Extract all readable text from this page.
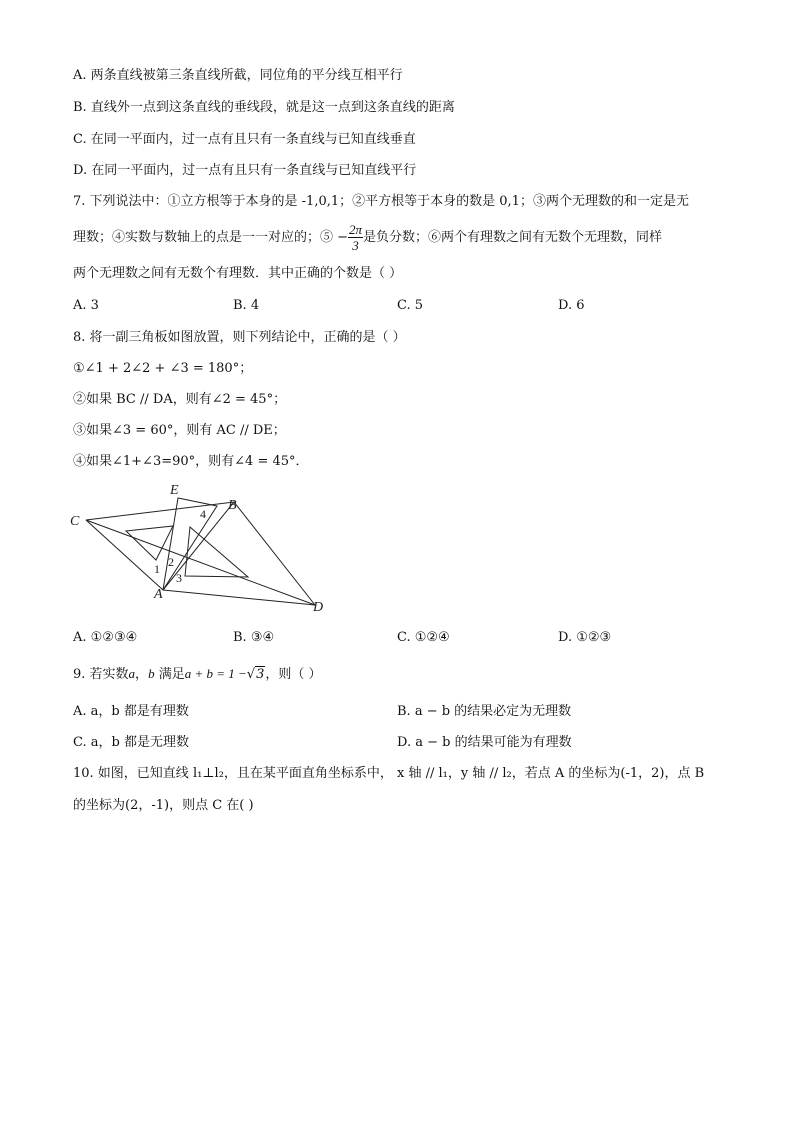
A. 两条直线被第三条直线所截，同位角的平分线互相平行
B. 直线外一点到这条直线的垂线段，就是这一点到这条直线的距离
C. 在同一平面内，过一点有且只有一条直线与已知直线垂直
D. 在同一平面内，过一点有且只有一条直线与已知直线平行
7. 下列说法中：①立方根等于本身的是 -1,0,1；②平方根等于本身的数是 0,1；③两个无理数的和一定是无
理数；④实数与数轴上的点是一一对应的；⑤ − $\frac{2\pi}{3}$ 是负分数；⑥两个有理数之间有无数个无理数，同样
两个无理数之间有无数个有理数．其中正确的个数是（ ）
A. 3	B. 4	C. 5	D. 6
8. 将一副三角板如图放置，则下列结论中，正确的是（ ）
①∠1 + 2∠2 + ∠3 = 180°；
②如果 BC // DA，则有∠2 = 45°；
③如果∠3 = 60°，则有 AC // DE；
④如果∠1+∠3=90°，则有∠4 = 45°．
C
E
B
A
D
1 2
3
4
A. ①②③④	B. ③④	C. ①②④	D. ①②③
9. 若实数a，b 满足a + b = 1 −√3，则（ ）
A. a，b 都是有理数	B. a − b 的结果必定为无理数
C. a，b 都是无理数	D. a − b 的结果可能为有理数
10. 如图，已知直线 l₁⊥l₂，且在某平面直角坐标系中， x 轴 // l₁，y 轴 // l₂，若点 A 的坐标为(-1，2)，点 B
的坐标为(2，-1)，则点 C 在( )
